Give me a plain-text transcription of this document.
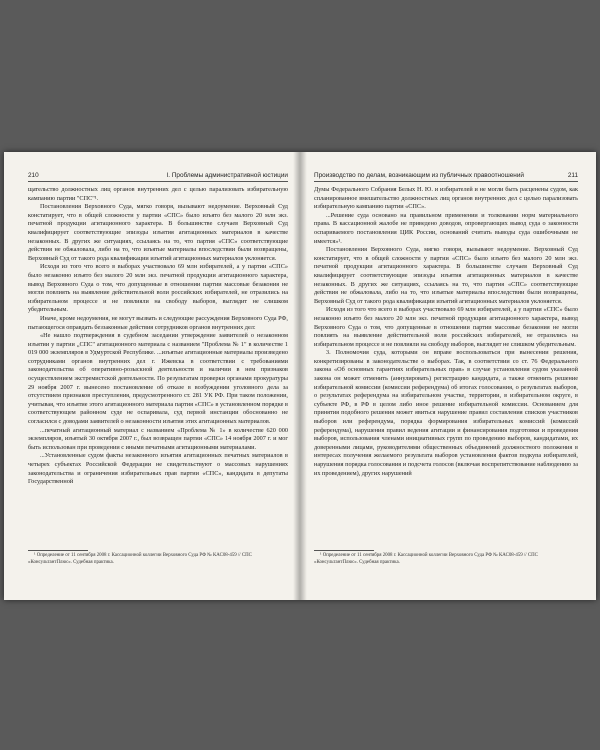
210	I. Проблемы административной юстиции

щательство должностных лиц органов внутренних дел с целью парализовать избирательную кампанию партии "СПС"¹.

Постановления Верховного Суда, мягко говоря, вызывают недоумение. Верховный Суд констатирует, что в общей сложности у партии «СПС» было изъято без малого 20 млн экз. печатной продукции агитационного характера. В большинстве случаев Верховный Суд квалифицирует соответствующие эпизоды изъятия агитационных материалов в качестве незаконных. В других же ситуациях, ссылаясь на то, что партия «СПС» соответствующие действия не обжаловала, либо на то, что изъятые материалы впоследствии были возвращены, Верховный Суд от такого рода квалификации изъятий агитационных материалов уклоняется.

Исходя из того что всего в выборах участвовало 69 млн избирателей, а у партии «СПС» было незаконно изъято без малого 20 млн экз. печатной продукции агитационного характера, вывод Верховного Суда о том, что допущенные в отношении партии массовые безакония не могли повлиять на выявление действительной воли российских избирателей, не отразились на избирательном процессе и не повлияли на свободу выборов, выглядит не слишком убедительным.

Иначе, кроме недоумения, не могут вызвать и следующие рассуждения Верховного Суда РФ, пытающегося оправдать беззаконные действия сотрудников органов внутренних дел:

«Не нашло подтверждения в судебном заседании утверждение заявителей о незаконном изъятии у партии „СПС" агитационного материала с названием "Проблема № 1" в количестве 1 019 000 экземпляров в Удмуртской Республике. ...изъятые агитационные материалы произведено сотрудниками органов внутренних дел г. Ижевска в соответствии с требованиями законодательства об оперативно-розыскной деятельности и наличии в нем признаков осуществлением экстремистской деятельности. По результатам проверки органами прокуратуры 29 ноября 2007 г. вынесено постановление об отказе в возбуждении уголовного дела за отсутствием признаков преступления, предусмотренного ст. 281 УК РФ. При таком положении, учитывая, что изъятие этого агитационного материала партия «СПС» в установленном порядке в соответствующем районном суде не оспаривала, суд первой инстанции обоснованно не согласился с доводами заявителей о незаконности изъятия этих агитационных материалов.

...печатный агитационный материал с названием «Проблема № 1» в количестве 620 000 экземпляров, изъятый 30 октября 2007 г., был возвращен партии «СПС» 14 ноября 2007 г. и мог быть использован при проведении с иными печатными агитационными материалами.

...Установленные судом факты незаконного изъятия агитационных печатных материалов в четырех субъектах Российской Федерации не свидетельствуют о массовых нарушениях законодательства и ограничения избирательных прав партии «СПС», кандидата в депутаты Государственной

¹ Определение от 11 сентября 2008 г. Кассационной коллегии Верховного Суда РФ № КАС08-459 // СПС «КонсультантПлюс». Судебная практика.

Производство по делам, возникающим из публичных правоотношений	211

Думы Федерального Собрания Белых Н. Ю. и избирателей и не могли быть расценены судом, как спланированное вмешательство должностных лиц органов внутренних дел с целью парализовать избирательную кампанию партии «СПС».

...Решение суда основано на правильном применении и толковании норм материального права. В кассационной жалобе не приведено доводов, опровергающих вывод суда о законности оспариваемого постановления ЦИК России, оснований считать выводы суда ошибочными не имеется»¹.

Постановления Верховного Суда, мягко говоря, вызывают недоумение. Верховный Суд констатирует, что в общей сложности у партии «СПС» было изъято без малого 20 млн экз. печатной продукции агитационного характера. В большинстве случаев Верховный Суд квалифицирует соответствующие эпизоды изъятия агитационных материалов в качестве незаконных. В других же ситуациях, ссылаясь на то, что партия «СПС» соответствующие действия не обжаловала, либо на то, что изъятые материалы впоследствии были возвращены, Верховный Суд от такого рода квалификации изъятий агитационных материалов уклоняется.

Исходя из того что всего в выборах участвовало 69 млн избирателей, а у партии «СПС» было незаконно изъято без малого 20 млн экз. печатной продукции агитационного характера, вывод Верховного Суда о том, что допущенные в отношении партии массовые безакония не могли повлиять на выявление действительной воли российских избирателей, не отразились на избирательном процессе и не повлияли на свободу выборов, выглядит не слишком убедительным.

3. Полномочия суда, которыми он вправе воспользоваться при вынесении решения, конкретизированы в законодательстве о выборах. Так, в соответствии со ст. 76 Федерального закона «Об основных гарантиях избирательных прав» в случае установления судом указанной закона он может отменить (аннулировать) регистрацию кандидата, а также отменить решение избирательной комиссии (комиссии референдума) об итогах голосования, о результатах выборов, о результатах референдума на избирательном участке, территории, в избирательном округе, в субъекте РФ, в РФ в целом либо иное решение избирательной комиссии. Основанием для принятия подобного решения может явиться нарушение правил составления списков участников выборов или референдума, порядка формирования избирательных комиссий (комиссий референдума), нарушения правил ведения агитации и финансирования подготовки и проведения выборов, использования членами инициативных групп по проведению выборов, кандидатами, их доверенными лицами, руководителями общественных объединений должностного положения в интересах получения желаемого результата выборов установления фактов подкупа избирателей, нарушения порядка голосования и подсчета голосов (включая воспрепятствование наблюдению за их проведением), других нарушений

¹ Определение от 11 сентября 2008 г. Кассационной коллегии Верховного Суда РФ № КАС08-459 // СПС «КонсультантПлюс». Судебная практика.
